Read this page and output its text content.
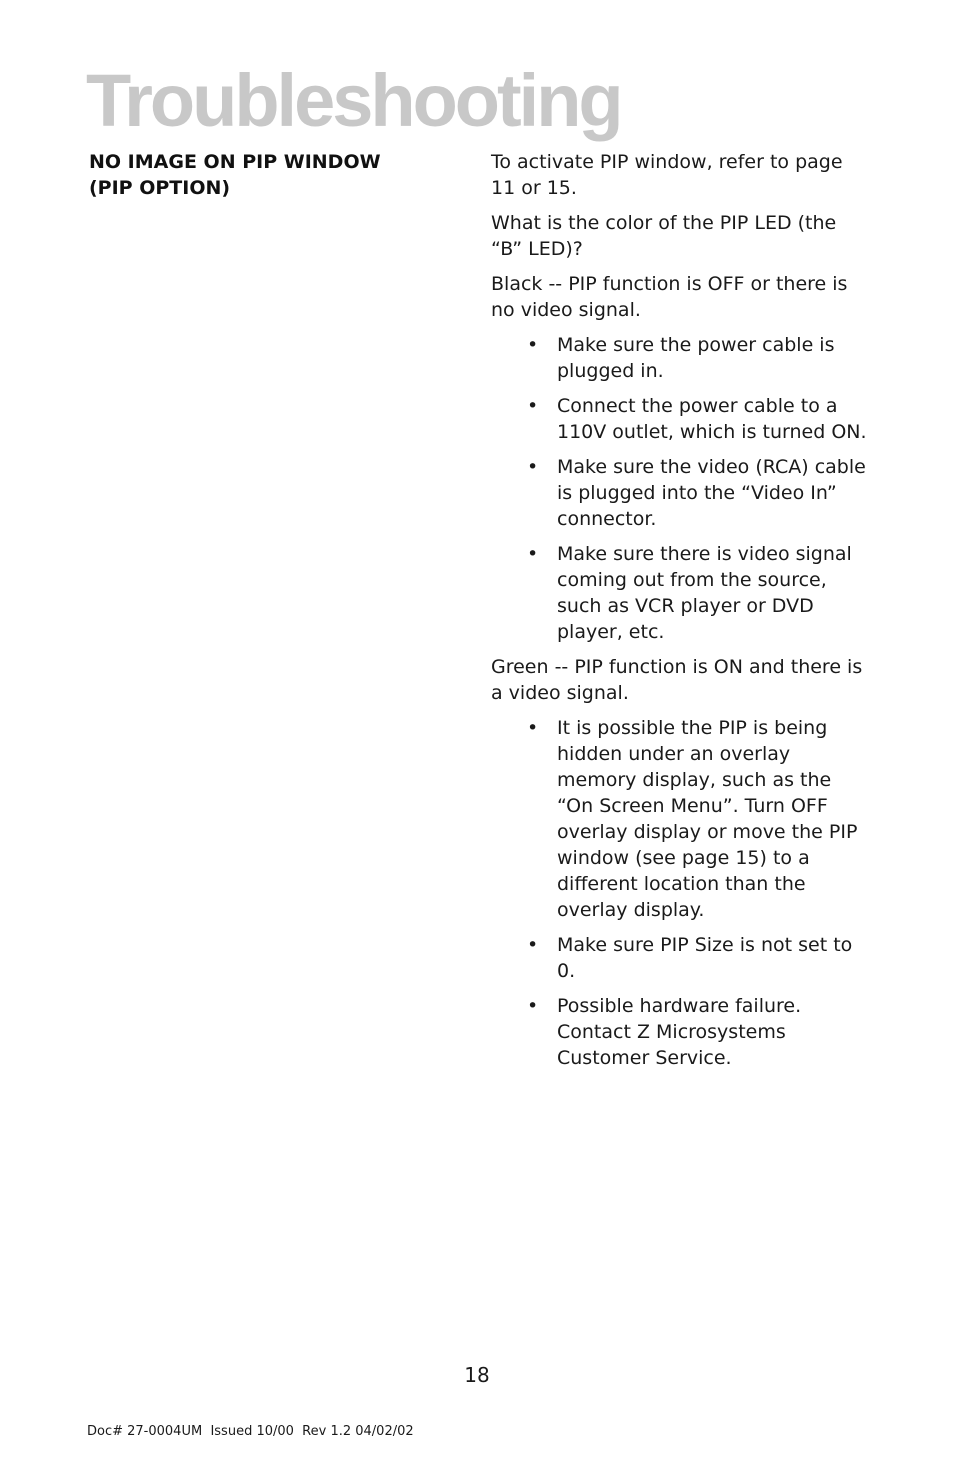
Troubleshooting
NO IMAGE ON PIP WINDOW
(PIP OPTION)

To activate PIP window, refer to page 11 or 15.

What is the color of the PIP LED (the “B” LED)?

Black -- PIP function is OFF or there is no video signal.

• Make sure the power cable is plugged in.
• Connect the power cable to a 110V outlet, which is turned ON.
• Make sure the video (RCA) cable is plugged into the “Video In” connector.
• Make sure there is video signal coming out from the source, such as VCR player or DVD player, etc.

Green -- PIP function is ON and there is a video signal.

• It is possible the PIP is being hidden under an overlay memory display, such as the “On Screen Menu”. Turn OFF overlay display or move the PIP window (see page 15) to a different location than the overlay display.
• Make sure PIP Size is not set to 0.
• Possible hardware failure. Contact Z Microsystems Customer Service.
18
Doc# 27-0004UM  Issued 10/00  Rev 1.2 04/02/02
